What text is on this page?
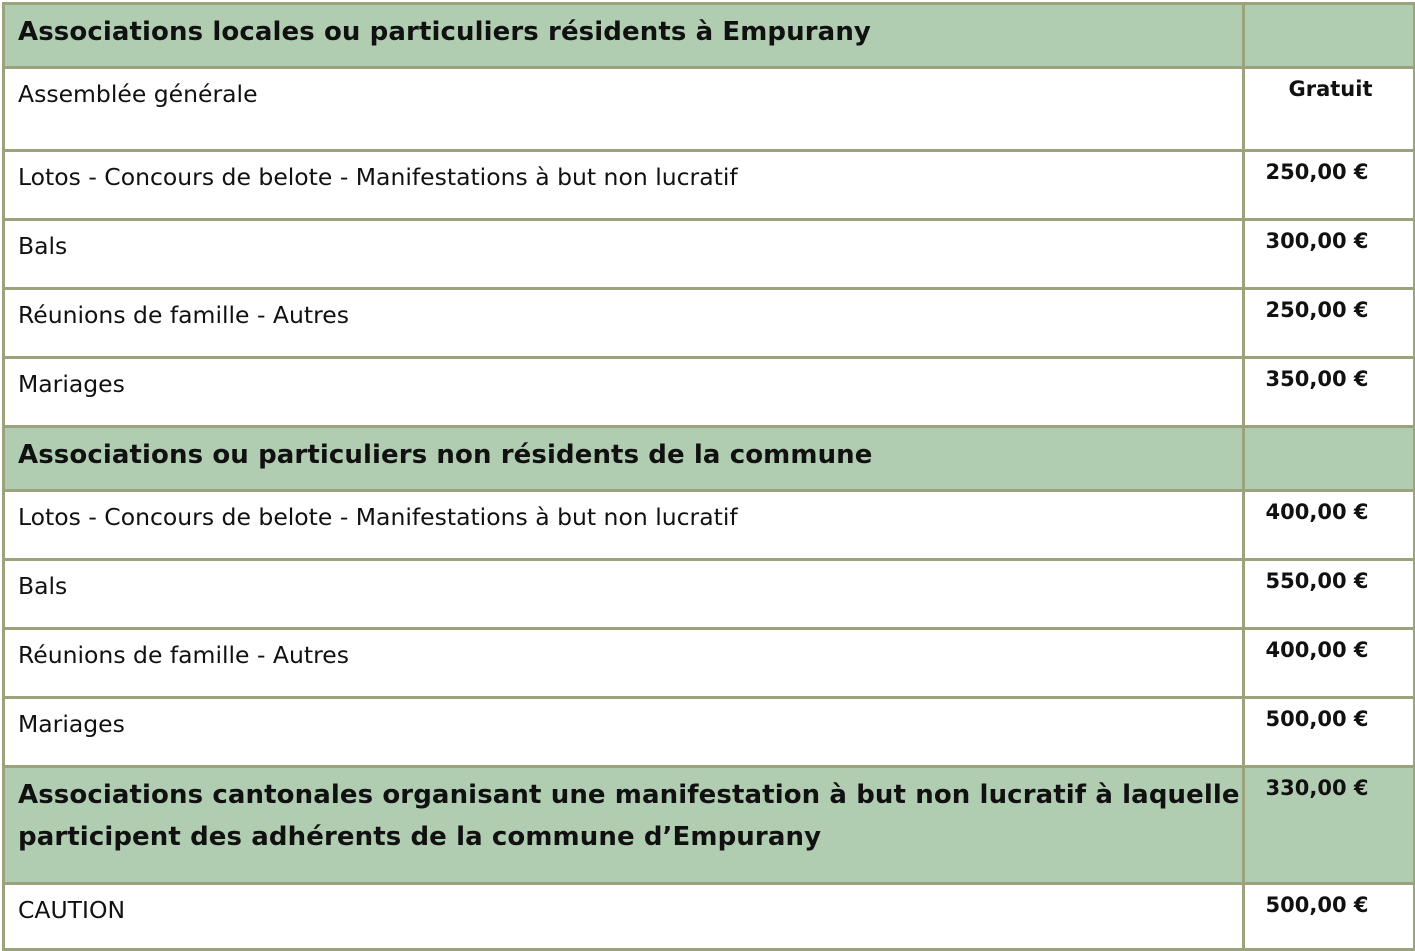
Associations locales ou particuliers résidents à Empurany	

Assemblée générale	Gratuit

Lotos - Concours de belote - Manifestations à but non lucratif	250,00 €

Bals	300,00 €

Réunions de famille - Autres	250,00 €

Mariages	350,00 €

Associations ou particuliers non résidents de la commune	

Lotos - Concours de belote - Manifestations à but non lucratif	400,00 €

Bals	550,00 €

Réunions de famille - Autres	400,00 €

Mariages	500,00 €

Associations cantonales organisant une manifestation à but non lucratif à laquelle participent des adhérents de la commune d’Empurany	330,00 €

CAUTION	500,00 €
